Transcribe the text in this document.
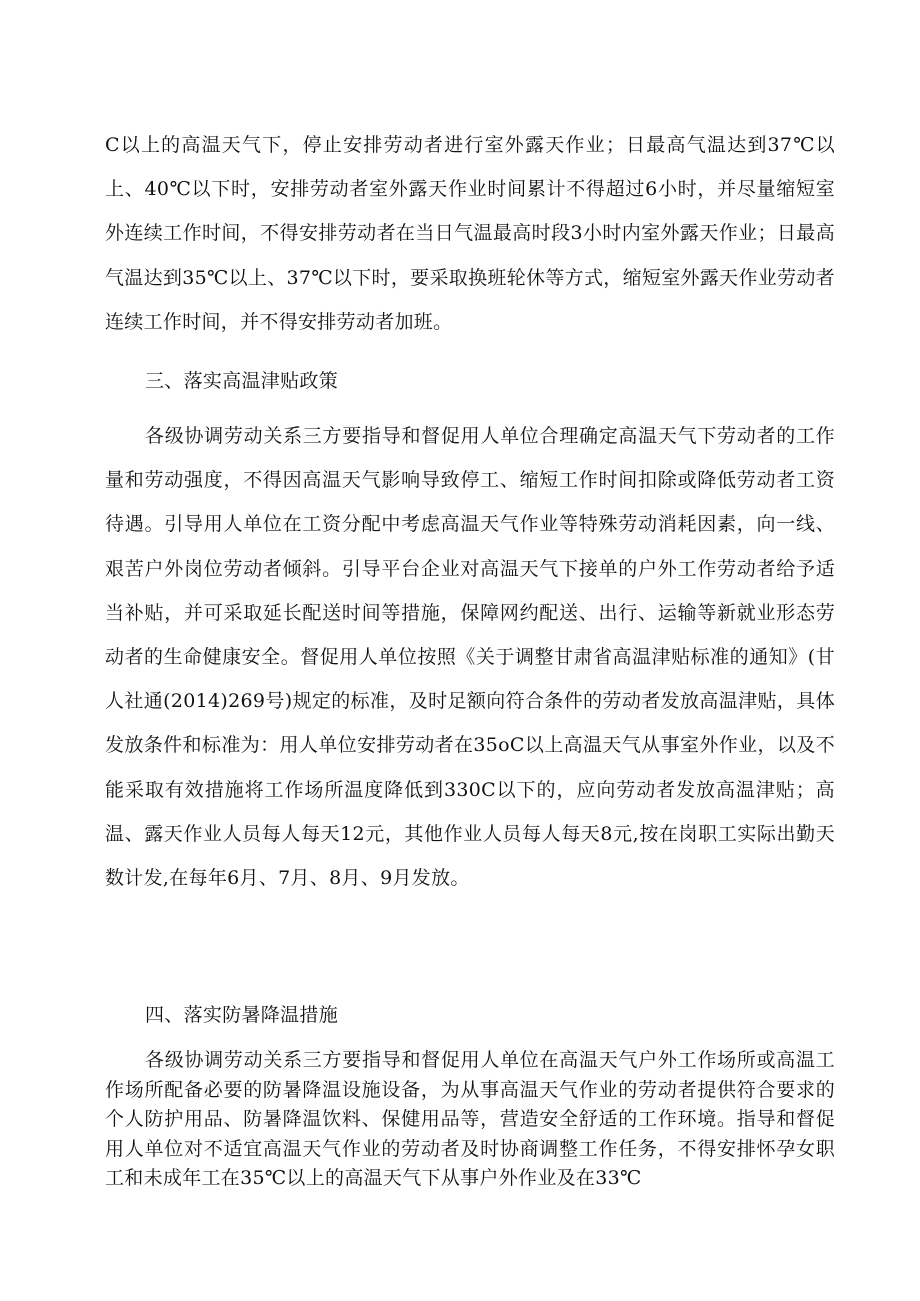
C以上的高温天气下，停止安排劳动者进行室外露天作业；日最高气温达到37℃以上、40℃以下时，安排劳动者室外露天作业时间累计不得超过6小时，并尽量缩短室外连续工作时间，不得安排劳动者在当日气温最高时段3小时内室外露天作业；日最高气温达到35℃以上、37℃以下时，要采取换班轮休等方式，缩短室外露天作业劳动者连续工作时间，并不得安排劳动者加班。

三、落实高温津贴政策

各级协调劳动关系三方要指导和督促用人单位合理确定高温天气下劳动者的工作量和劳动强度，不得因高温天气影响导致停工、缩短工作时间扣除或降低劳动者工资待遇。引导用人单位在工资分配中考虑高温天气作业等特殊劳动消耗因素，向一线、艰苦户外岗位劳动者倾斜。引导平台企业对高温天气下接单的户外工作劳动者给予适当补贴，并可采取延长配送时间等措施，保障网约配送、出行、运输等新就业形态劳动者的生命健康安全。督促用人单位按照《关于调整甘肃省高温津贴标准的通知》(甘人社通(2014)269号)规定的标准，及时足额向符合条件的劳动者发放高温津贴，具体发放条件和标准为：用人单位安排劳动者在35oC以上高温天气从事室外作业，以及不能采取有效措施将工作场所温度降低到330C以下的，应向劳动者发放高温津贴；高温、露天作业人员每人每天12元，其他作业人员每人每天8元,按在岗职工实际出勤天数计发,在每年6月、7月、8月、9月发放。

四、落实防暑降温措施

各级协调劳动关系三方要指导和督促用人单位在高温天气户外工作场所或高温工作场所配备必要的防暑降温设施设备，为从事高温天气作业的劳动者提供符合要求的个人防护用品、防暑降温饮料、保健用品等，营造安全舒适的工作环境。指导和督促用人单位对不适宜高温天气作业的劳动者及时协商调整工作任务，不得安排怀孕女职工和未成年工在35℃以上的高温天气下从事户外作业及在33℃
